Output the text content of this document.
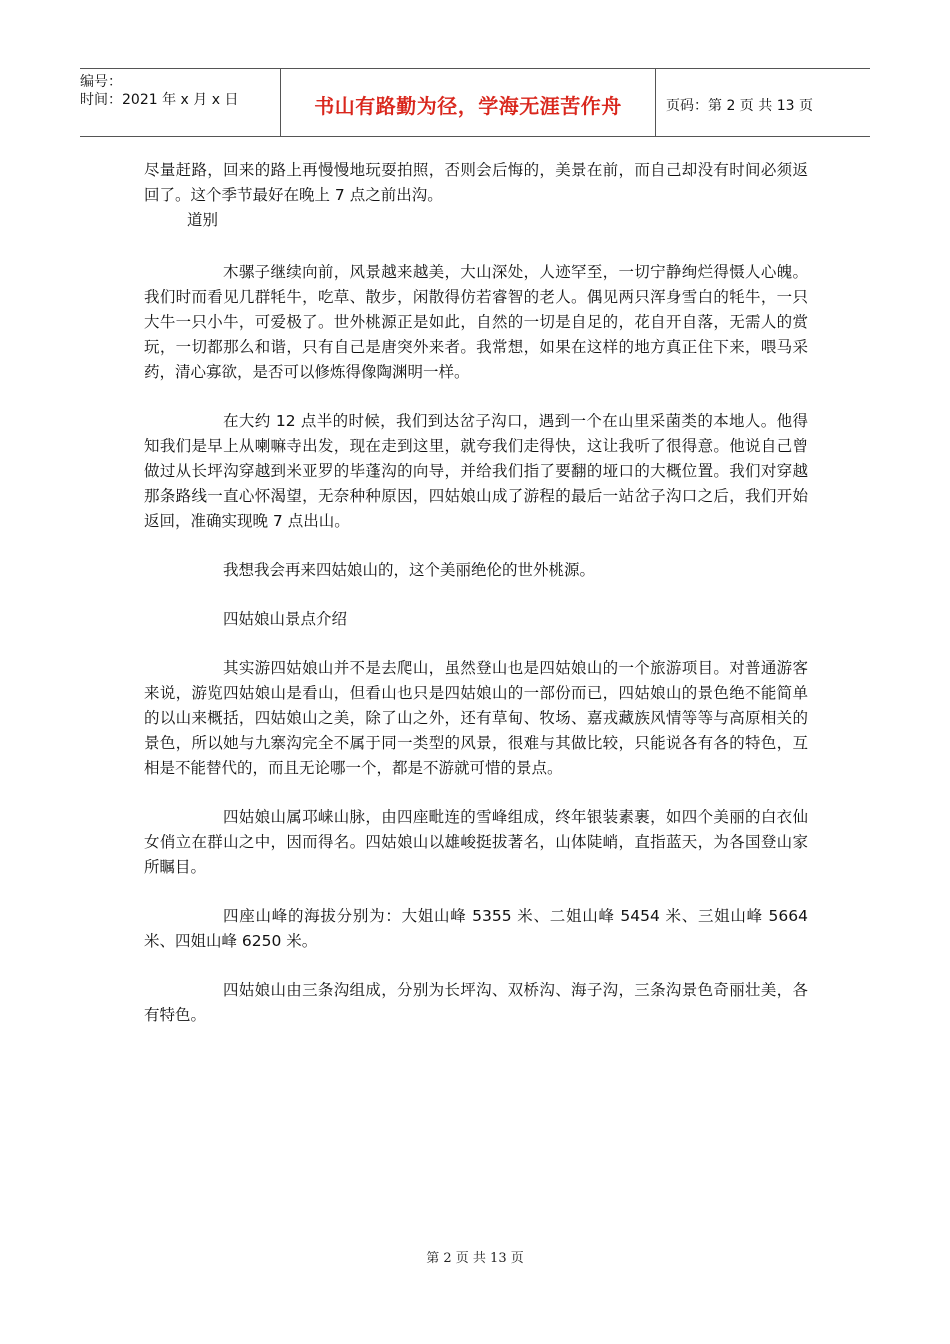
编号：
时间：2021 年 x 月 x 日	书山有路勤为径，学海无涯苦作舟	页码：第 2 页 共 13 页

尽量赶路，回来的路上再慢慢地玩耍拍照，否则会后悔的，美景在前，而自己却没有时间必须返回了。这个季节最好在晚上 7 点之前出沟。

道别

木骡子继续向前，风景越来越美，大山深处，人迹罕至，一切宁静绚烂得慑人心魄。我们时而看见几群牦牛，吃草、散步，闲散得仿若睿智的老人。偶见两只浑身雪白的牦牛，一只大牛一只小牛，可爱极了。世外桃源正是如此，自然的一切是自足的，花自开自落，无需人的赏玩，一切都那么和谐，只有自己是唐突外来者。我常想，如果在这样的地方真正住下来，喂马采药，清心寡欲，是否可以修炼得像陶渊明一样。

在大约 12 点半的时候，我们到达岔子沟口，遇到一个在山里采菌类的本地人。他得知我们是早上从喇嘛寺出发，现在走到这里，就夸我们走得快，这让我听了很得意。他说自己曾做过从长坪沟穿越到米亚罗的毕蓬沟的向导，并给我们指了要翻的垭口的大概位置。我们对穿越那条路线一直心怀渴望，无奈种种原因，四姑娘山成了游程的最后一站岔子沟口之后，我们开始返回，准确实现晚 7 点出山。

我想我会再来四姑娘山的，这个美丽绝伦的世外桃源。

四姑娘山景点介绍

其实游四姑娘山并不是去爬山，虽然登山也是四姑娘山的一个旅游项目。对普通游客来说，游览四姑娘山是看山，但看山也只是四姑娘山的一部份而已，四姑娘山的景色绝不能简单的以山来概括，四姑娘山之美，除了山之外，还有草甸、牧场、嘉戎藏族风情等等与高原相关的景色，所以她与九寨沟完全不属于同一类型的风景，很难与其做比较，只能说各有各的特色，互相是不能替代的，而且无论哪一个，都是不游就可惜的景点。

四姑娘山属邛崃山脉，由四座毗连的雪峰组成，终年银装素裹，如四个美丽的白衣仙女俏立在群山之中，因而得名。四姑娘山以雄峻挺拔著名，山体陡峭，直指蓝天，为各国登山家所瞩目。

四座山峰的海拔分别为：大姐山峰 5355 米、二姐山峰 5454 米、三姐山峰 5664 米、四姐山峰 6250 米。

四姑娘山由三条沟组成，分别为长坪沟、双桥沟、海子沟，三条沟景色奇丽壮美，各有特色。

第 2 页 共 13 页
